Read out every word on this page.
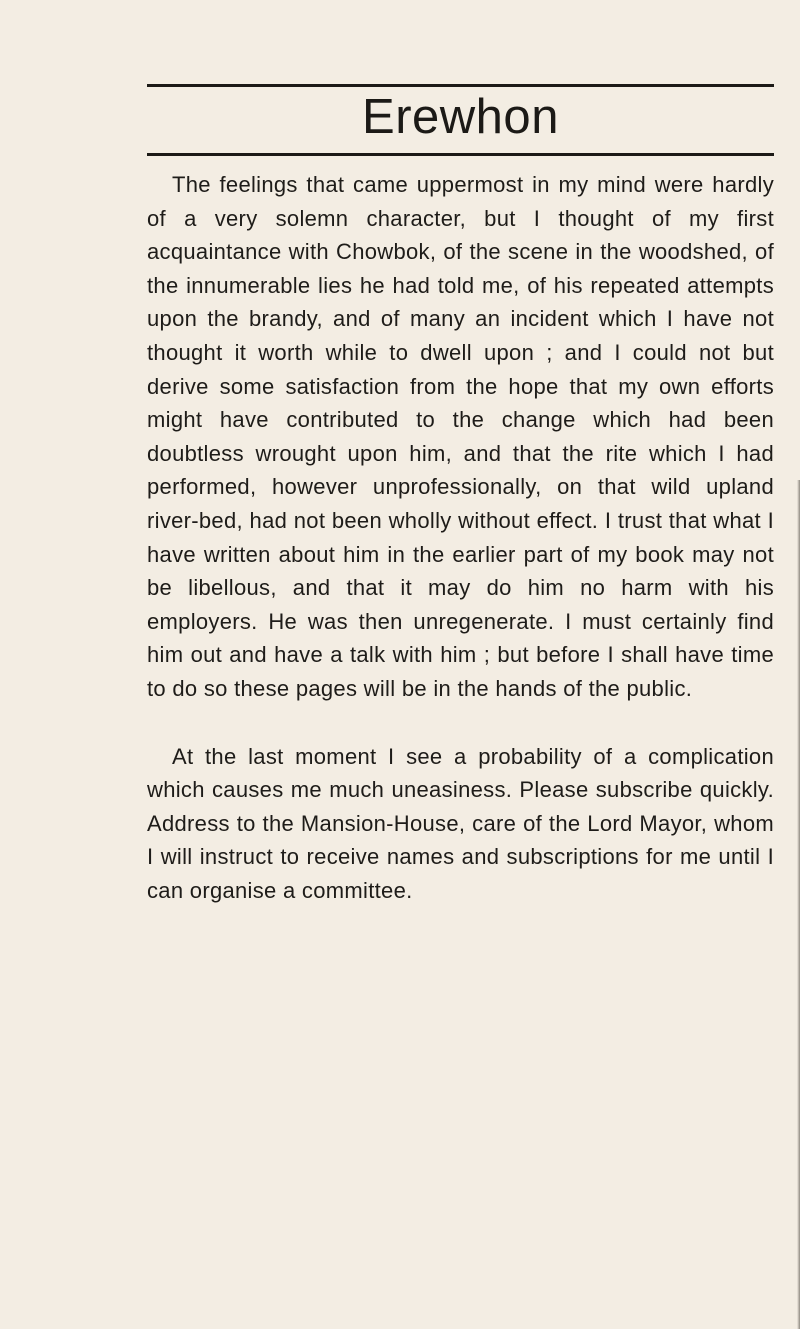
Erewhon

The feelings that came uppermost in my mind were hardly of a very solemn character, but I thought of my first acquaintance with Chowbok, of the scene in the woodshed, of the innumerable lies he had told me, of his repeated attempts upon the brandy, and of many an incident which I have not thought it worth while to dwell upon ; and I could not but derive some satisfaction from the hope that my own efforts might have contributed to the change which had been doubtless wrought upon him, and that the rite which I had performed, however unprofessionally, on that wild upland river-bed, had not been wholly without effect. I trust that what I have written about him in the earlier part of my book may not be libellous, and that it may do him no harm with his employers. He was then unregenerate. I must certainly find him out and have a talk with him ; but before I shall have time to do so these pages will be in the hands of the public.

At the last moment I see a probability of a complication which causes me much uneasiness. Please subscribe quickly. Address to the Mansion-House, care of the Lord Mayor, whom I will instruct to receive names and subscriptions for me until I can organise a committee.
